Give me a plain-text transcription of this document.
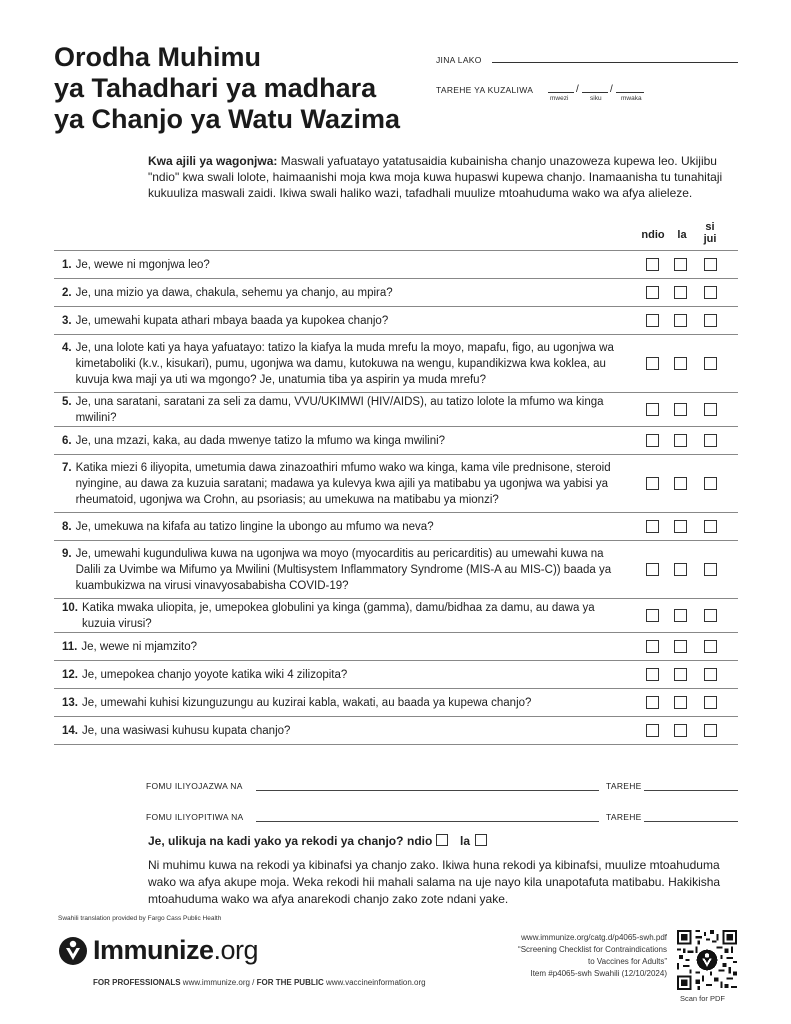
Orodha Muhimu
ya Tahadhari ya madhara
ya Chanjo ya Watu Wazima
JINA LAKO
TAREHE YA KUZALIWA	/	/
mwezi	siku	mwaka
Kwa ajili ya wagonjwa: Maswali yafuatayo yatatusaidia kubainisha chanjo unazoweza kupewa leo. Ukijibu "ndio" kwa swali lolote, haimaanishi moja kwa moja kuwa hupaswi kupewa chanjo. Inamaanisha tu tunahitaji kukuuliza maswali zaidi. Ikiwa swali haliko wazi, tafadhali muulize mtoahuduma wako wa afya alieleze.
ndio	la
si
jui
1. Je, wewe ni mgonjwa leo?
2. Je, una mizio ya dawa, chakula, sehemu ya chanjo, au mpira?
3. Je, umewahi kupata athari mbaya baada ya kupokea chanjo?
4. Je, una lolote kati ya haya yafuatayo: tatizo la kiafya la muda mrefu la moyo, mapafu, figo, au ugonjwa wa kimetaboliki (k.v., kisukari), pumu, ugonjwa wa damu, kutokuwa na wengu, kupandikizwa kwa koklea, au kuvuja kwa maji ya uti wa mgongo? Je, unatumia tiba ya aspirin ya muda mrefu?
5. Je, una saratani, saratani za seli za damu, VVU/UKIMWI (HIV/AIDS), au tatizo lolote la mfumo wa kinga mwilini?
6. Je, una mzazi, kaka, au dada mwenye tatizo la mfumo wa kinga mwilini?
7. Katika miezi 6 iliyopita, umetumia dawa zinazoathiri mfumo wako wa kinga, kama vile prednisone, steroid nyingine, au dawa za kuzuia saratani; madawa ya kulevya kwa ajili ya matibabu ya ugonjwa wa yabisi ya rheumatoid, ugonjwa wa Crohn, au psoriasis; au umekuwa na matibabu ya mionzi?
8. Je, umekuwa na kifafa au tatizo lingine la ubongo au mfumo wa neva?
9. Je, umewahi kugunduliwa kuwa na ugonjwa wa moyo (myocarditis au pericarditis) au umewahi kuwa na Dalili za Uvimbe wa Mifumo ya Mwilini (Multisystem Inflammatory Syndrome (MIS-A au MIS-C)) baada ya kuambukizwa na virusi vinavyosababisha COVID-19?
10. Katika mwaka uliopita, je, umepokea globulini ya kinga (gamma), damu/bidhaa za damu, au dawa ya kuzuia virusi?
11. Je, wewe ni mjamzito?
12. Je, umepokea chanjo yoyote katika wiki 4 zilizopita?
13. Je, umewahi kuhisi kizunguzungu au kuzirai kabla, wakati, au baada ya kupewa chanjo?
14. Je, una wasiwasi kuhusu kupata chanjo?
FOMU ILIYOJAZWA NA	TAREHE
FOMU ILIYOPITIWA NA	TAREHE
Je, ulikuja na kadi yako ya rekodi ya chanjo? ndio la
Ni muhimu kuwa na rekodi ya kibinafsi ya chanjo zako. Ikiwa huna rekodi ya kibinafsi, muulize mtoahuduma wako wa afya akupe moja. Weka rekodi hii mahali salama na uje nayo kila unapotafuta matibabu. Hakikisha mtoahuduma wako wa afya anarekodi chanjo zako zote ndani yake.
Swahili translation provided by Fargo Cass Public Health
Immunize.org
FOR PROFESSIONALS www.immunize.org / FOR THE PUBLIC www.vaccineinformation.org
www.immunize.org/catg.d/p4065-swh.pdf
“Screening Checklist for Contraindications
to Vaccines for Adults”
Item #p4065-swh Swahili (12/10/2024)
Scan for PDF
